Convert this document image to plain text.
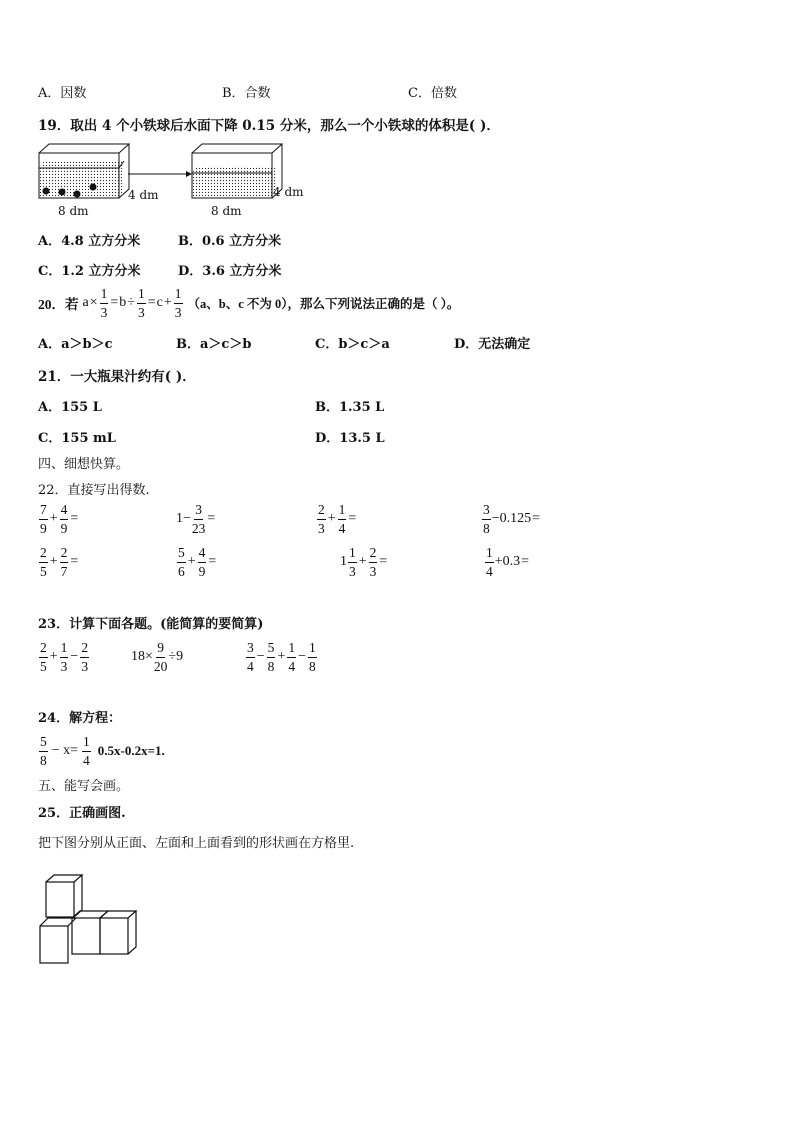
A．因数	B．合数	C．倍数
19．取出 4 个小铁球后水面下降 0.15 分米，那么一个小铁球的体积是( )．
4 dm
8 dm
4 dm
8 dm
A．4.8 立方分米	B．0.6 立方分米
C．1.2 立方分米	D．3.6 立方分米
20．若 $a \times \frac{1}{3} = b \div \frac{1}{3} = c + \frac{1}{3} (a$、b、c 不为 0），那么下列说法正确的是（ ）。
A．a＞b＞c	B．a＞c＞b	C．b＞c＞a	D．无法确定
21．一大瓶果汁约有( )．
A．155 L	B．1.35 L
C．155 mL	D．13.5 L
四、细想快算。
22．直接写出得数.
$\frac{7}{9} + \frac{4}{9}$ =	$1- \frac{3}{23}$ =	$\frac{2}{3} + \frac{1}{4}$ =	$\frac{3}{8} -0.125$ =
$\frac{2}{5} + \frac{2}{7}$ =	$\frac{5}{6} + \frac{4}{9}$ =	$1 \frac{1}{3} + \frac{2}{3}$ =	$\frac{1}{4} +0.3$ =
23．计算下面各题。(能简算的要简算)
$\frac{2}{5} + \frac{1}{3} - \frac{2}{3}$	$18\times \frac{9}{20} \div 9$	$\frac{3}{4} - \frac{5}{8} + \frac{1}{4} - \frac{1}{8}$
24．解方程：
$\frac{5}{8} - x= \frac{1}{4} 0.5x-0.2x=1$.
五、能写会画。
25．正确画图.
把下图分别从正面、左面和上面看到的形状画在方格里.
